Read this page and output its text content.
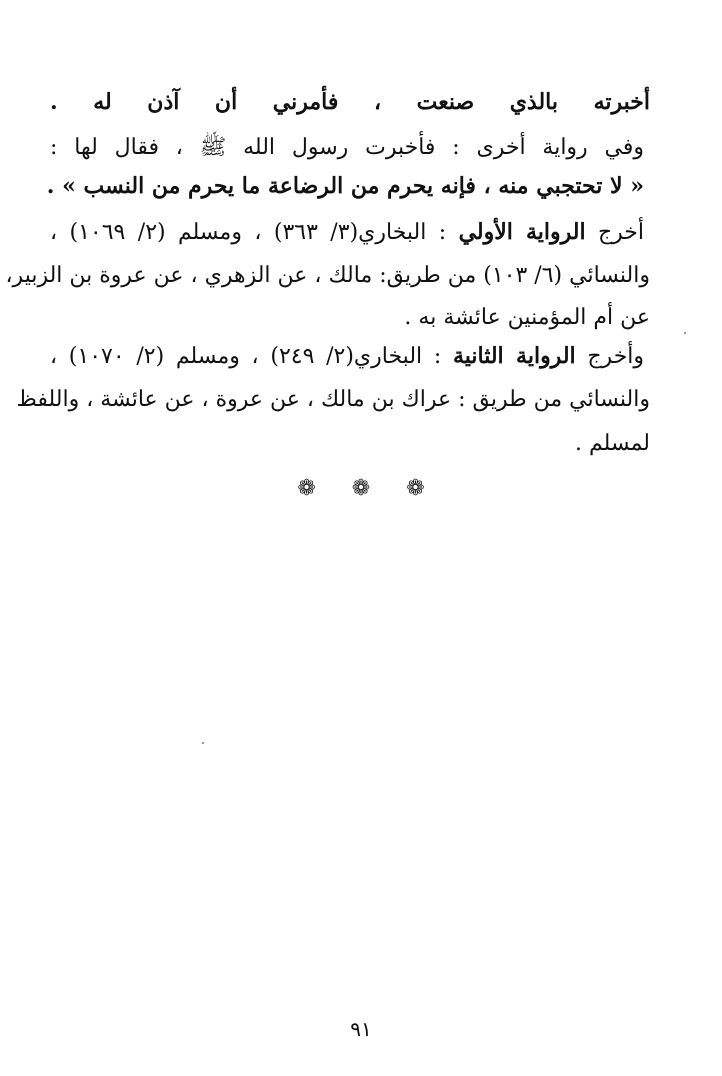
أخبرته بالذي صنعت ، فأمرني أن آذن له .
وفي رواية أخرى : فأخبرت رسول الله ﷺ ، فقال لها :
« لا تحتجبي منه ، فإنه يحرم من الرضاعة ما يحرم من النسب » .
أخرج الرواية الأولي : البخاري(٣/ ٣٦٣) ، ومسلم (٢/ ١٠٦٩) ،
والنسائي (٦/ ١٠٣) من طريق: مالك ، عن الزهري ، عن عروة بن الزبير،
عن أم المؤمنين عائشة به .
وأخرج الرواية الثانية : البخاري(٢/ ٢٤٩) ، ومسلم (٢/ ١٠٧٠) ،
والنسائي من طريق : عراك بن مالك ، عن عروة ، عن عائشة ، واللفظ
لمسلم .
❁ ❁ ❁
٩١
